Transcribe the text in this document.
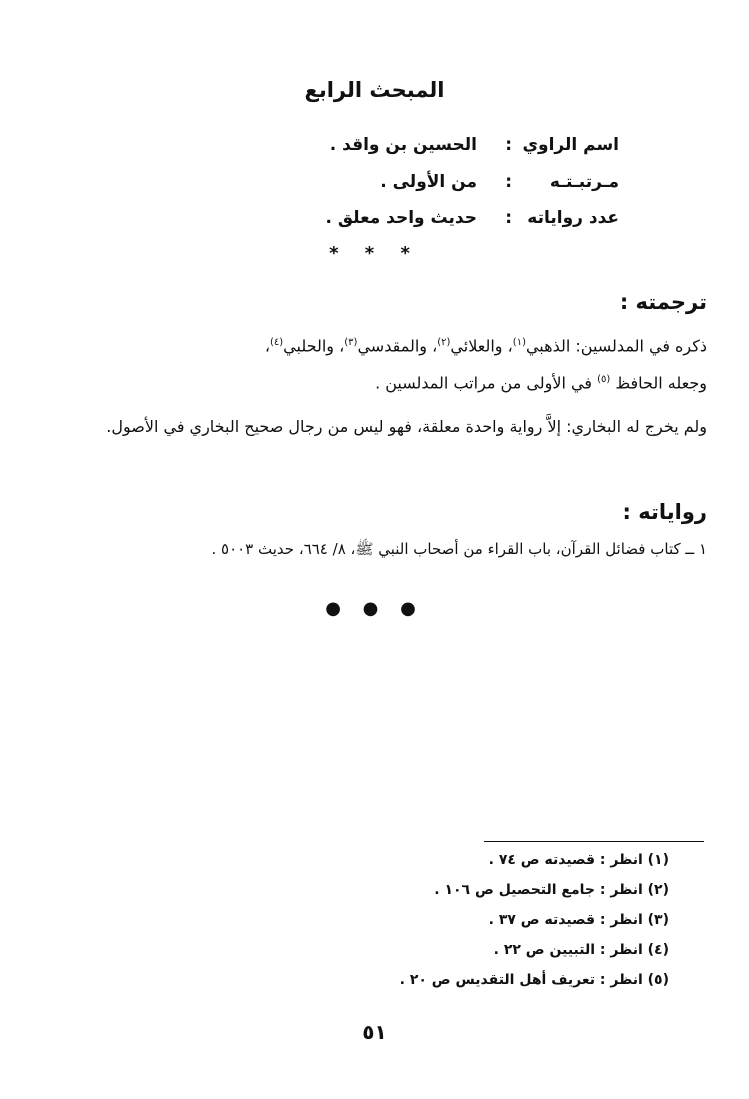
المبحث الرابع
اسم الراوي
:
الحسين بن واقد .
مـرتبـتـه
:
من الأولى .
عدد رواياته
:
حديث واحد معلق .
* * *
ترجمته :
ذكره في المدلسين: الذهبي$^{(١)}$، والعلائي$^{(٢)}$، والمقدسي$^{(٣)}$، والحلبي$^{(٤)}$،
وجعله الحافظ $^{(٥)}$ في الأولى من مراتب المدلسين .
ولم يخرج له البخاري: إلاَّ رواية واحدة معلقة، فهو ليس من رجال صحيح البخاري في الأصول.
رواياته :
١ ــ كتاب فضائل القرآن، باب القراء من أصحاب النبي ﷺ، ٨/ ٦٦٤، حديث ٥٠٠٣ .
● ● ●
(١) انظر : قصيدته ص ٧٤ .
(٢) انظر : جامع التحصيل ص ١٠٦ .
(٣) انظر : قصيدته ص ٣٧ .
(٤) انظر : التبيين ص ٢٢ .
(٥) انظر : تعريف أهل التقديس ص ٢٠ .
٥١
